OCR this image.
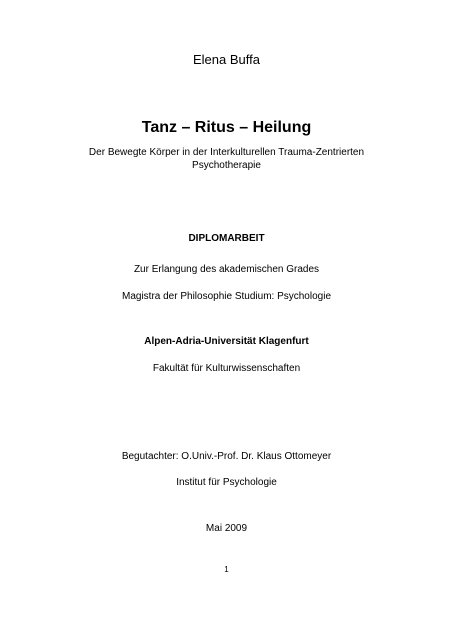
Elena Buffa
Tanz – Ritus – Heilung
Der Bewegte Körper in der Interkulturellen Trauma-Zentrierten
Psychotherapie
DIPLOMARBEIT
Zur Erlangung des akademischen Grades
Magistra der Philosophie Studium: Psychologie
Alpen-Adria-Universität Klagenfurt
Fakultät für Kulturwissenschaften
Begutachter: O.Univ.-Prof. Dr. Klaus Ottomeyer
Institut für Psychologie
Mai 2009
1
